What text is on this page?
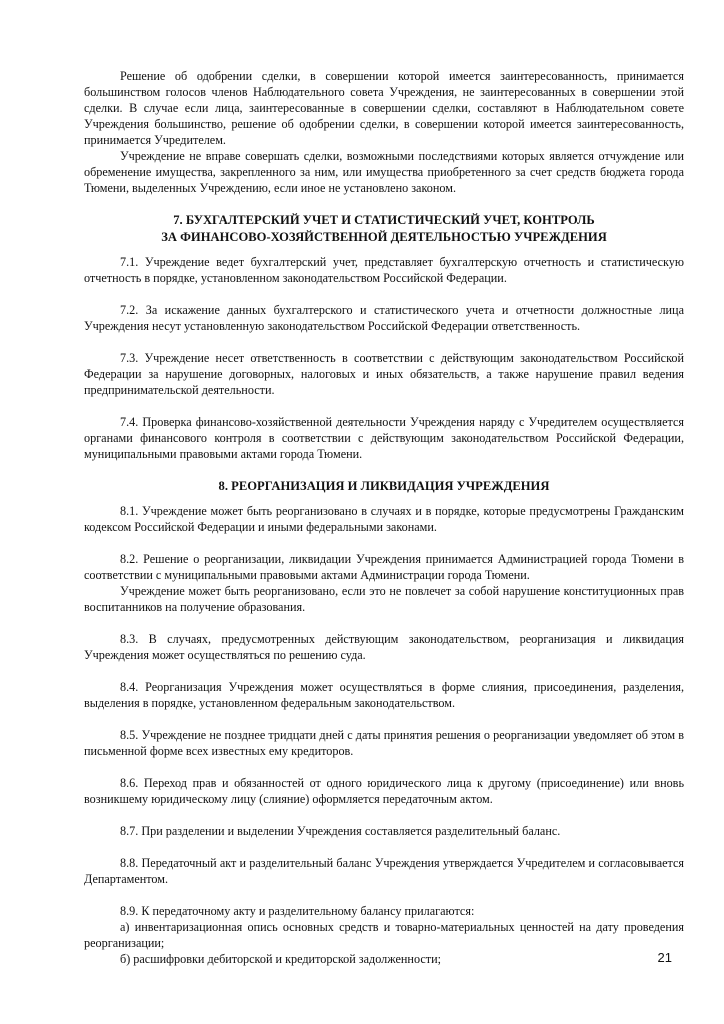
Решение об одобрении сделки, в совершении которой имеется заинтересованность, принимается большинством голосов членов Наблюдательного совета Учреждения, не заинтересованных в совершении этой сделки. В случае если лица, заинтересованные в совершении сделки, составляют в Наблюдательном совете Учреждения большинство, решение об одобрении сделки, в совершении которой имеется заинтересованность, принимается Учредителем.

Учреждение не вправе совершать сделки, возможными последствиями которых является отчуждение или обременение имущества, закрепленного за ним, или имущества приобретенного за счет средств бюджета города Тюмени, выделенных Учреждению, если иное не установлено законом.

7. БУХГАЛТЕРСКИЙ УЧЕТ И СТАТИСТИЧЕСКИЙ УЧЕТ, КОНТРОЛЬ

ЗА ФИНАНСОВО-ХОЗЯЙСТВЕННОЙ ДЕЯТЕЛЬНОСТЬЮ УЧРЕЖДЕНИЯ

7.1. Учреждение ведет бухгалтерский учет, представляет бухгалтерскую отчетность и статистическую отчетность в порядке, установленном законодательством Российской Федерации.

7.2. За искажение данных бухгалтерского и статистического учета и отчетности должностные лица Учреждения несут установленную законодательством Российской Федерации ответственность.

7.3. Учреждение несет ответственность в соответствии с действующим законодательством Российской Федерации за нарушение договорных, налоговых и иных обязательств, а также нарушение правил ведения предпринимательской деятельности.

7.4. Проверка финансово-хозяйственной деятельности Учреждения наряду с Учредителем осуществляется органами финансового контроля в соответствии с действующим законодательством Российской Федерации, муниципальными правовыми актами города Тюмени.

8. РЕОРГАНИЗАЦИЯ И ЛИКВИДАЦИЯ УЧРЕЖДЕНИЯ

8.1. Учреждение может быть реорганизовано в случаях и в порядке, которые предусмотрены Гражданским кодексом Российской Федерации и иными федеральными законами.

8.2. Решение о реорганизации, ликвидации Учреждения принимается Администрацией города Тюмени в соответствии с муниципальными правовыми актами Администрации города Тюмени.

Учреждение может быть реорганизовано, если это не повлечет за собой нарушение конституционных прав воспитанников на получение образования.

8.3. В случаях, предусмотренных действующим законодательством, реорганизация и ликвидация Учреждения может осуществляться по решению суда.

8.4. Реорганизация Учреждения может осуществляться в форме слияния, присоединения, разделения, выделения в порядке, установленном федеральным законодательством.

8.5. Учреждение не позднее тридцати дней с даты принятия решения о реорганизации уведомляет об этом в письменной форме всех известных ему кредиторов.

8.6. Переход прав и обязанностей от одного юридического лица к другому (присоединение) или вновь возникшему юридическому лицу (слияние) оформляется передаточным актом.

8.7. При разделении и выделении Учреждения составляется разделительный баланс.

8.8. Передаточный акт и разделительный баланс Учреждения утверждается Учредителем и согласовывается Департаментом.

8.9. К передаточному акту и разделительному балансу прилагаются:

а) инвентаризационная опись основных средств и товарно-материальных ценностей на дату проведения реорганизации;

б) расшифровки дебиторской и кредиторской задолженности;	21
